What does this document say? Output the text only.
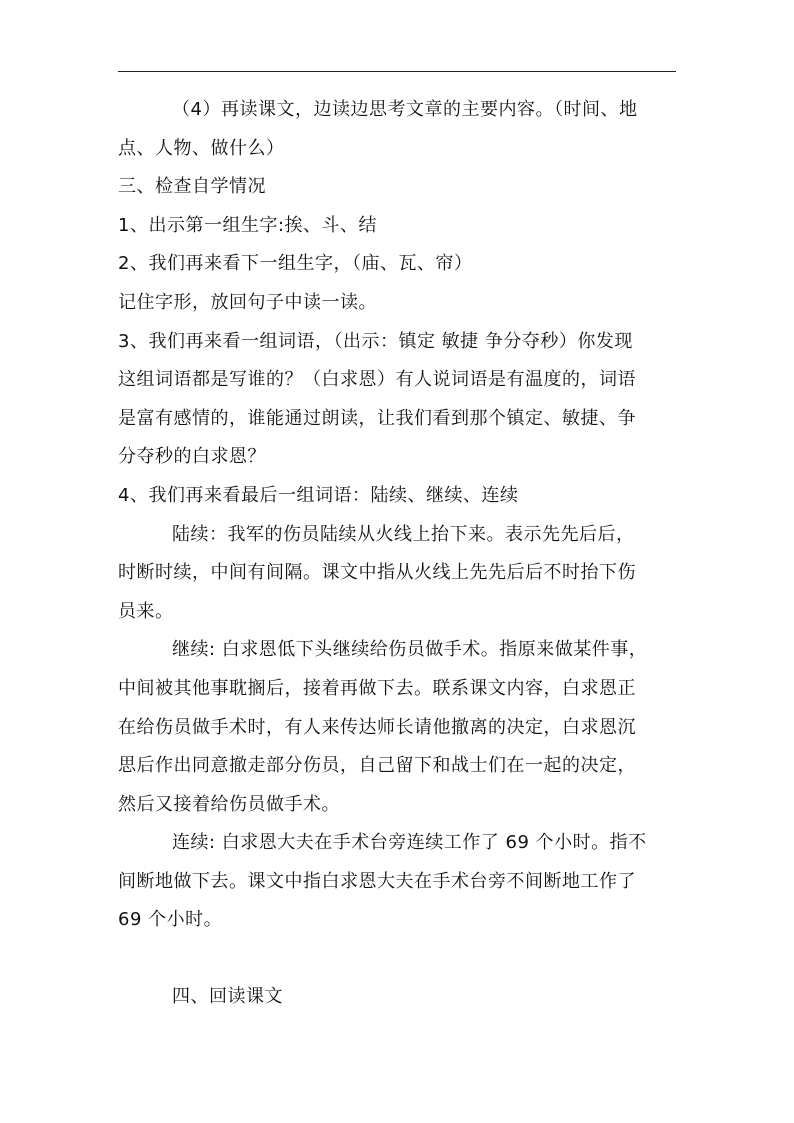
（4）再读课文，边读边思考文章的主要内容。（时间、地

点、人物、做什么）

三、检查自学情况

1、出示第一组生字:挨、斗、结

2、我们再来看下一组生字，（庙、瓦、帘）

记住字形，放回句子中读一读。

3、我们再来看一组词语，（出示：镇定 敏捷 争分夺秒）你发现

这组词语都是写谁的？（白求恩）有人说词语是有温度的，词语

是富有感情的，谁能通过朗读，让我们看到那个镇定、敏捷、争

分夺秒的白求恩？

4、我们再来看最后一组词语：陆续、继续、连续

陆续：我军的伤员陆续从火线上抬下来。表示先先后后，

时断时续，中间有间隔。课文中指从火线上先先后后不时抬下伤

员来。

继续: 白求恩低下头继续给伤员做手术。指原来做某件事，

中间被其他事耽搁后，接着再做下去。联系课文内容，白求恩正

在给伤员做手术时，有人来传达师长请他撤离的决定，白求恩沉

思后作出同意撤走部分伤员，自己留下和战士们在一起的决定，

然后又接着给伤员做手术。

连续: 白求恩大夫在手术台旁连续工作了 69 个小时。指不

间断地做下去。课文中指白求恩大夫在手术台旁不间断地工作了

69 个小时。

四、回读课文
